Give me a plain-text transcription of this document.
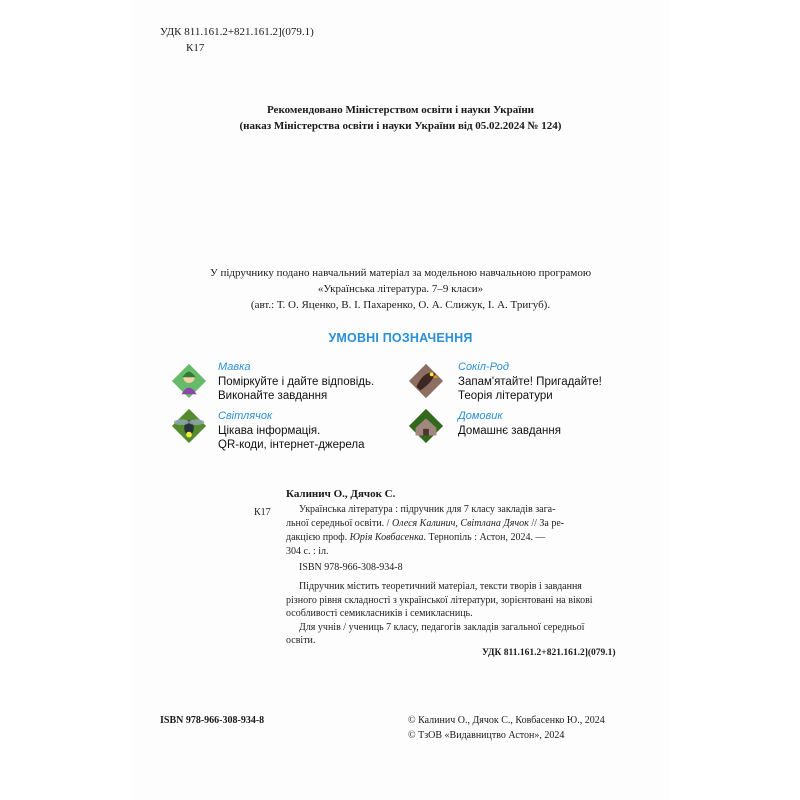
УДК 811.161.2+821.161.2](079.1)
К17
Рекомендовано Міністерством освіти і науки України
(наказ Міністерства освіти і науки України від 05.02.2024 № 124)
У підручнику подано навчальний матеріал за модельною навчальною програмою
«Українська література. 7–9 класи»
(авт.: Т. О. Яценко, В. І. Пахаренко, О. А. Слижук, І. А. Тригуб).
УМОВНІ ПОЗНАЧЕННЯ
Мавка
Поміркуйте і дайте відповідь.
Виконайте завдання
Сокіл-Род
Запам'ятайте! Пригадайте!
Теорія літератури
Світлячок
Цікава інформація.
QR-коди, інтернет-джерела
Домовик
Домашнє завдання
Калинич О., Дячок С.
К17	Українська література : підручник для 7 класу закладів зага-
льної середньої освіти. / Олеся Калинич, Світлана Дячок // За ре-
дакцією проф. Юрія Ковбасенка. Тернопіль : Астон, 2024. —
304 с. : іл.
ISBN 978-966-308-934-8
Підручник містить теоретичний матеріал, тексти творів і завдання
різного рівня складності з української літератури, зорієнтовані на вікові
особливості семикласників і семикласниць.
Для учнів / учениць 7 класу, педагогів закладів загальної середньої
освіти.
УДК 811.161.2+821.161.2](079.1)
ISBN 978-966-308-934-8	© Калинич О., Дячок С., Ковбасенко Ю., 2024
© ТзОВ «Видавництво Астон», 2024
